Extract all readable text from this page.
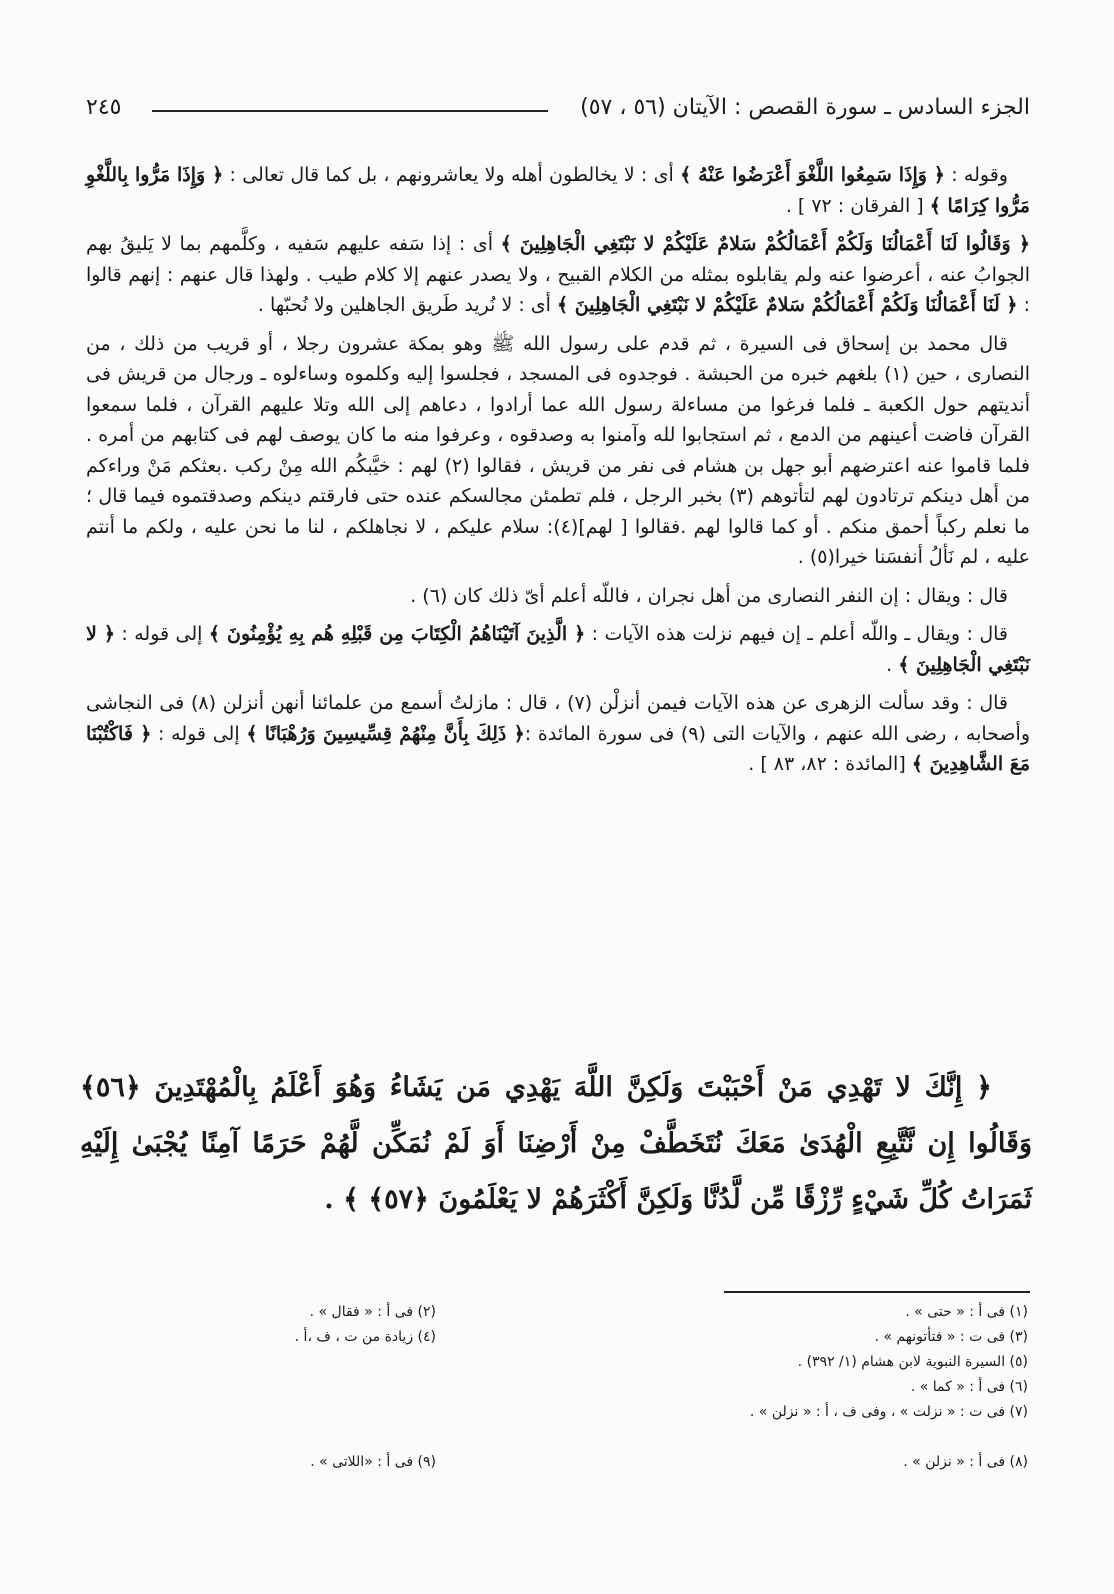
الجزء السادس ـ سورة القصص : الآيتان (٥٦ ، ٥٧)
٢٤٥

وقوله : ﴿ وَإِذَا سَمِعُوا اللَّغْوَ أَعْرَضُوا عَنْهُ ﴾ أى : لا يخالطون أهله ولا يعاشرونهم ، بل كما قال تعالى : ﴿ وَإِذَا مَرُّوا بِاللَّغْوِ مَرُّوا كِرَامًا ﴾ [ الفرقان : ٧٢ ] .

﴿ وَقَالُوا لَنَا أَعْمَالُنَا وَلَكُمْ أَعْمَالُكُمْ سَلامٌ عَلَيْكُمْ لا نَبْتَغِي الْجَاهِلِينَ ﴾ أى : إذا سَفه عليهم سَفيه ، وكلَّمهم بما لا يَليقُ بهم الجوابُ عنه ، أعرضوا عنه ولم يقابلوه بمثله من الكلام القبيح ، ولا يصدر عنهم إلا كلام طيب . ولهذا قال عنهم : إنهم قالوا : ﴿ لَنَا أَعْمَالُنَا وَلَكُمْ أَعْمَالُكُمْ سَلامٌ عَلَيْكُمْ لا نَبْتَغِي الْجَاهِلِينَ ﴾ أى : لا نُريد طَريق الجاهلين ولا نُحبّها .

قال محمد بن إسحاق فى السيرة ، ثم قدم على رسول الله ﷺ وهو بمكة عشرون رجلا ، أو قريب من ذلك ، من النصارى ، حين (١) بلغهم خبره من الحبشة . فوجدوه فى المسجد ، فجلسوا إليه وكلموه وساءلوه ـ ورجال من قريش فى أنديتهم حول الكعبة ـ فلما فرغوا من مساءلة رسول الله عما أرادوا ، دعاهم إلى الله وتلا عليهم القرآن ، فلما سمعوا القرآن فاضت أعينهم من الدمع ، ثم استجابوا لله وآمنوا به وصدقوه ، وعرفوا منه ما كان يوصف لهم فى كتابهم من أمره . فلما قاموا عنه اعترضهم أبو جهل بن هشام فى نفر من قريش ، فقالوا (٢) لهم : خيَّبكُم الله مِنْ ركب .بعثكم مَنْ وراءكم من أهل دينكم ترتادون لهم لتأتوهم (٣) بخبر الرجل ، فلم تطمئن مجالسكم عنده حتى فارقتم دينكم وصدقتموه فيما قال ؛ ما نعلم ركباً أحمق منكم . أو كما قالوا لهم .فقالوا [ لهم](٤): سلام عليكم ، لا نجاهلكم ، لنا ما نحن عليه ، ولكم ما أنتم عليه ، لم نَألُ أنفسَنا خيرا(٥) .

قال : ويقال : إن النفر النصارى من أهل نجران ، فاللّه أعلم أىّ ذلك كان (٦) .

قال : ويقال ـ واللّه أعلم ـ إن فيهم نزلت هذه الآيات : ﴿ الَّذِينَ آتَيْنَاهُمُ الْكِتَابَ مِن قَبْلِهِ هُم بِهِ يُؤْمِنُونَ ﴾ إلى قوله : ﴿ لا نَبْتَغِي الْجَاهِلِينَ ﴾ .

قال : وقد سألت الزهرى عن هذه الآيات فيمن أنزلْن (٧) ، قال : مازلتُ أسمع من علمائنا أنهن أنزلن (٨) فى النجاشى وأصحابه ، رضى الله عنهم ، والآيات التى (٩) فى سورة المائدة :﴿ ذَلِكَ بِأَنَّ مِنْهُمْ قِسِّيسِينَ وَرُهْبَانًا ﴾ إلى قوله : ﴿ فَاكْتُبْنَا مَعَ الشَّاهِدِينَ ﴾ [المائدة : ٨٢، ٨٣ ] .

﴿ إِنَّكَ لا تَهْدِي مَنْ أَحْبَبْتَ وَلَكِنَّ اللَّهَ يَهْدِي مَن يَشَاءُ وَهُوَ أَعْلَمُ بِالْمُهْتَدِينَ ﴿٥٦﴾ وَقَالُوا إِن نَّتَّبِعِ الْهُدَىٰ مَعَكَ نُتَخَطَّفْ مِنْ أَرْضِنَا أَوَ لَمْ نُمَكِّن لَّهُمْ حَرَمًا آمِنًا يُجْبَىٰ إِلَيْهِ ثَمَرَاتُ كُلِّ شَيْءٍ رِّزْقًا مِّن لَّدُنَّا وَلَكِنَّ أَكْثَرَهُمْ لا يَعْلَمُونَ ﴿٥٧﴾ ﴾ .
(١) فى أ : « حتى » .
(٢) فى أ : « فقال » .
(٣) فى ت : « فتأتونهم » .
(٤) زيادة من ت ، ف ،أ .
(٥) السيرة النبوية لابن هشام (١/ ٣٩٢) .
(٦) فى أ : « كما » .
(٧) فى ت : « نزلت » ، وفى ف ، أ : « نزلن » .
(٨) فى أ : « نزلن » .
(٩) فى أ : «اللاتى » .
